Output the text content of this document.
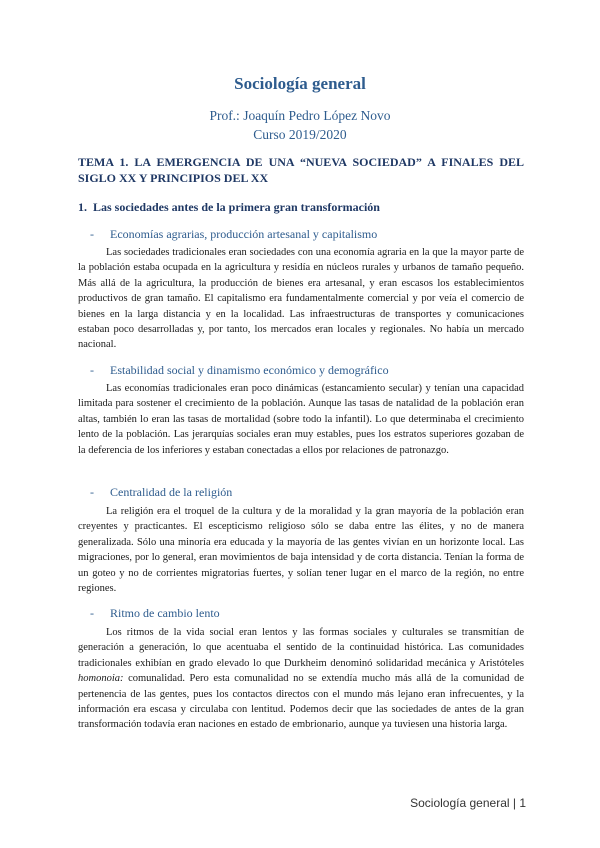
Sociología general
Prof.: Joaquín Pedro López Novo
Curso 2019/2020
TEMA 1. LA EMERGENCIA DE UNA “NUEVA SOCIEDAD” A FINALES DEL SIGLO XX Y PRINCIPIOS DEL XX
1. Las sociedades antes de la primera gran transformación
- Economías agrarias, producción artesanal y capitalismo

Las sociedades tradicionales eran sociedades con una economía agraria en la que la mayor parte de la población estaba ocupada en la agricultura y residía en núcleos rurales y urbanos de tamaño pequeño. Más allá de la agricultura, la producción de bienes era artesanal, y eran escasos los establecimientos productivos de gran tamaño. El capitalismo era fundamentalmente comercial y por veía el comercio de bienes en la larga distancia y en la localidad. Las infraestructuras de transportes y comunicaciones estaban poco desarrolladas y, por tanto, los mercados eran locales y regionales. No había un mercado nacional.

- Estabilidad social y dinamismo económico y demográfico

Las economías tradicionales eran poco dinámicas (estancamiento secular) y tenían una capacidad limitada para sostener el crecimiento de la población. Aunque las tasas de natalidad de la población eran altas, también lo eran las tasas de mortalidad (sobre todo la infantil). Lo que determinaba el crecimiento lento de la población. Las jerarquías sociales eran muy estables, pues los estratos superiores gozaban de la deferencia de los inferiores y estaban conectadas a ellos por relaciones de patronazgo.

- Centralidad de la religión

La religión era el troquel de la cultura y de la moralidad y la gran mayoría de la población eran creyentes y practicantes. El escepticismo religioso sólo se daba entre las élites, y no de manera generalizada. Sólo una minoría era educada y la mayoría de las gentes vivían en un horizonte local. Las migraciones, por lo general, eran movimientos de baja intensidad y de corta distancia. Tenían la forma de un goteo y no de corrientes migratorias fuertes, y solían tener lugar en el marco de la región, no entre regiones.

- Ritmo de cambio lento

Los ritmos de la vida social eran lentos y las formas sociales y culturales se transmitían de generación a generación, lo que acentuaba el sentido de la continuidad histórica. Las comunidades tradicionales exhibían en grado elevado lo que Durkheim denominó solidaridad mecánica y Aristóteles homonoia: comunalidad. Pero esta comunalidad no se extendía mucho más allá de la comunidad de pertenencia de las gentes, pues los contactos directos con el mundo más lejano eran infrecuentes, y la información era escasa y circulaba con lentitud. Podemos decir que las sociedades de antes de la gran transformación todavía eran naciones en estado de embrionario, aunque ya tuviesen una historia larga.

Sociología general | 1
